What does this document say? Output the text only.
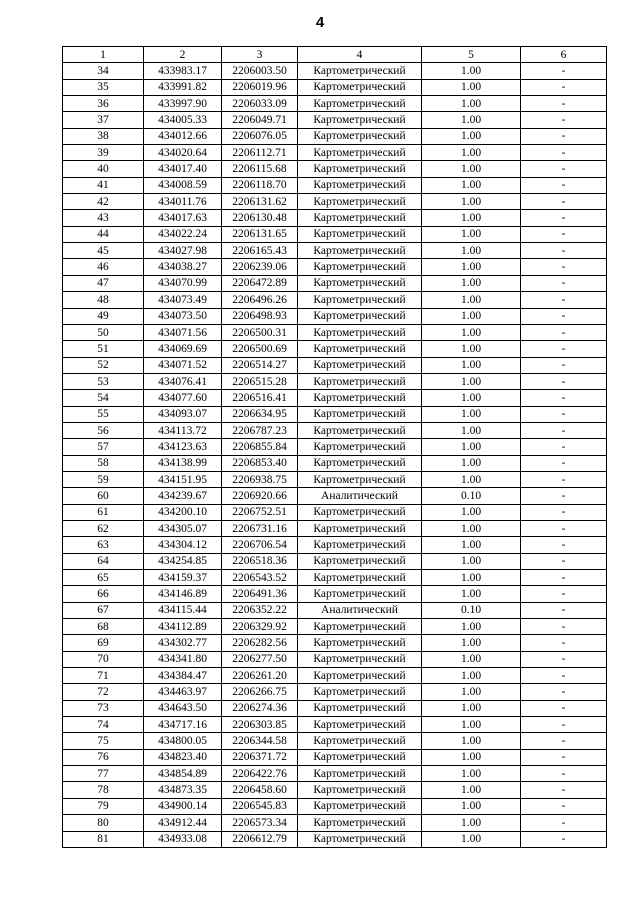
4
1	2	3	4	5	6
34	433983.17	2206003.50	Картометрический	1.00	-
35	433991.82	2206019.96	Картометрический	1.00	-
36	433997.90	2206033.09	Картометрический	1.00	-
37	434005.33	2206049.71	Картометрический	1.00	-
38	434012.66	2206076.05	Картометрический	1.00	-
39	434020.64	2206112.71	Картометрический	1.00	-
40	434017.40	2206115.68	Картометрический	1.00	-
41	434008.59	2206118.70	Картометрический	1.00	-
42	434011.76	2206131.62	Картометрический	1.00	-
43	434017.63	2206130.48	Картометрический	1.00	-
44	434022.24	2206131.65	Картометрический	1.00	-
45	434027.98	2206165.43	Картометрический	1.00	-
46	434038.27	2206239.06	Картометрический	1.00	-
47	434070.99	2206472.89	Картометрический	1.00	-
48	434073.49	2206496.26	Картометрический	1.00	-
49	434073.50	2206498.93	Картометрический	1.00	-
50	434071.56	2206500.31	Картометрический	1.00	-
51	434069.69	2206500.69	Картометрический	1.00	-
52	434071.52	2206514.27	Картометрический	1.00	-
53	434076.41	2206515.28	Картометрический	1.00	-
54	434077.60	2206516.41	Картометрический	1.00	-
55	434093.07	2206634.95	Картометрический	1.00	-
56	434113.72	2206787.23	Картометрический	1.00	-
57	434123.63	2206855.84	Картометрический	1.00	-
58	434138.99	2206853.40	Картометрический	1.00	-
59	434151.95	2206938.75	Картометрический	1.00	-
60	434239.67	2206920.66	Аналитический	0.10	-
61	434200.10	2206752.51	Картометрический	1.00	-
62	434305.07	2206731.16	Картометрический	1.00	-
63	434304.12	2206706.54	Картометрический	1.00	-
64	434254.85	2206518.36	Картометрический	1.00	-
65	434159.37	2206543.52	Картометрический	1.00	-
66	434146.89	2206491.36	Картометрический	1.00	-
67	434115.44	2206352.22	Аналитический	0.10	-
68	434112.89	2206329.92	Картометрический	1.00	-
69	434302.77	2206282.56	Картометрический	1.00	-
70	434341.80	2206277.50	Картометрический	1.00	-
71	434384.47	2206261.20	Картометрический	1.00	-
72	434463.97	2206266.75	Картометрический	1.00	-
73	434643.50	2206274.36	Картометрический	1.00	-
74	434717.16	2206303.85	Картометрический	1.00	-
75	434800.05	2206344.58	Картометрический	1.00	-
76	434823.40	2206371.72	Картометрический	1.00	-
77	434854.89	2206422.76	Картометрический	1.00	-
78	434873.35	2206458.60	Картометрический	1.00	-
79	434900.14	2206545.83	Картометрический	1.00	-
80	434912.44	2206573.34	Картометрический	1.00	-
81	434933.08	2206612.79	Картометрический	1.00	-
